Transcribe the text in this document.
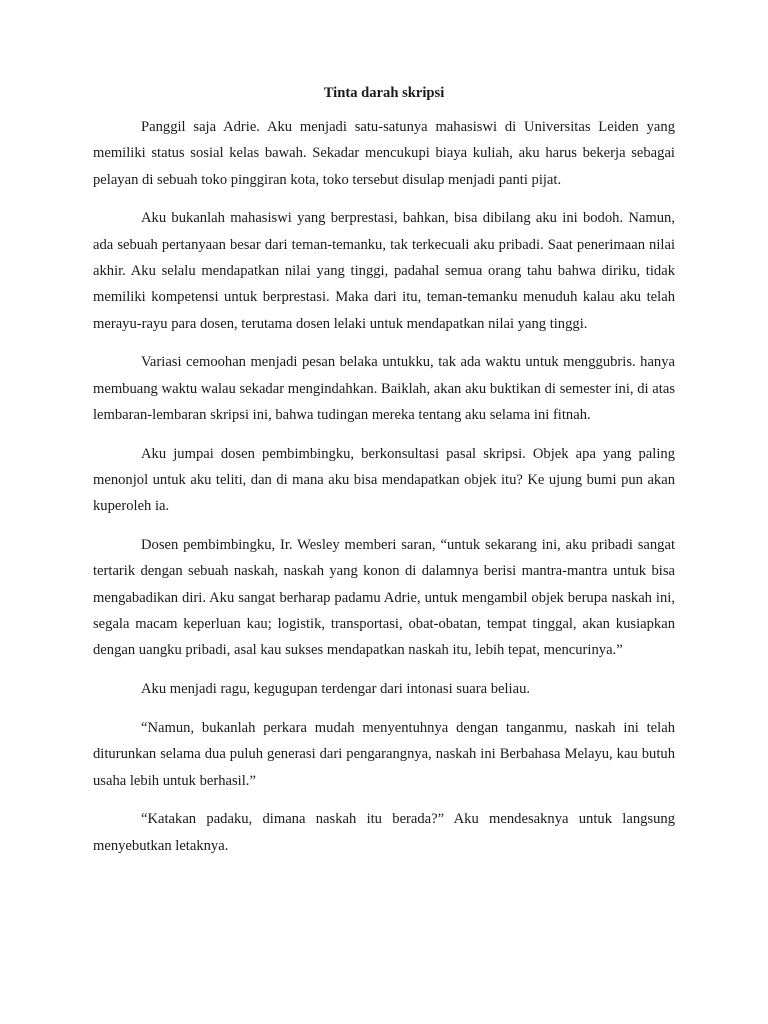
Tinta darah skripsi

Panggil saja Adrie. Aku menjadi satu-satunya mahasiswi di Universitas Leiden yang memiliki status sosial kelas bawah. Sekadar mencukupi biaya kuliah, aku harus bekerja sebagai pelayan di sebuah toko pinggiran kota, toko tersebut disulap menjadi panti pijat.

Aku bukanlah mahasiswi yang berprestasi, bahkan, bisa dibilang aku ini bodoh. Namun, ada sebuah pertanyaan besar dari teman-temanku, tak terkecuali aku pribadi. Saat penerimaan nilai akhir. Aku selalu mendapatkan nilai yang tinggi, padahal semua orang tahu bahwa diriku, tidak memiliki kompetensi untuk berprestasi. Maka dari itu, teman-temanku menuduh kalau aku telah merayu-rayu para dosen, terutama dosen lelaki untuk mendapatkan nilai yang tinggi.

Variasi cemoohan menjadi pesan belaka untukku, tak ada waktu untuk menggubris. hanya membuang waktu walau sekadar mengindahkan. Baiklah, akan aku buktikan di semester ini, di atas lembaran-lembaran skripsi ini, bahwa tudingan mereka tentang aku selama ini fitnah.

Aku jumpai dosen pembimbingku, berkonsultasi pasal skripsi. Objek apa yang paling menonjol untuk aku teliti, dan di mana aku bisa mendapatkan objek itu? Ke ujung bumi pun akan kuperoleh ia.

Dosen pembimbingku, Ir. Wesley memberi saran, “untuk sekarang ini, aku pribadi sangat tertarik dengan sebuah naskah, naskah yang konon di dalamnya berisi mantra-mantra untuk bisa mengabadikan diri. Aku sangat berharap padamu Adrie, untuk mengambil objek berupa naskah ini, segala macam keperluan kau; logistik, transportasi, obat-obatan, tempat tinggal, akan kusiapkan dengan uangku pribadi, asal kau sukses mendapatkan naskah itu, lebih tepat, mencurinya.”

Aku menjadi ragu, kegugupan terdengar dari intonasi suara beliau.

“Namun, bukanlah perkara mudah menyentuhnya dengan tanganmu, naskah ini telah diturunkan selama dua puluh generasi dari pengarangnya, naskah ini Berbahasa Melayu, kau butuh usaha lebih untuk berhasil.”

“Katakan padaku, dimana naskah itu berada?” Aku mendesaknya untuk langsung menyebutkan letaknya.
